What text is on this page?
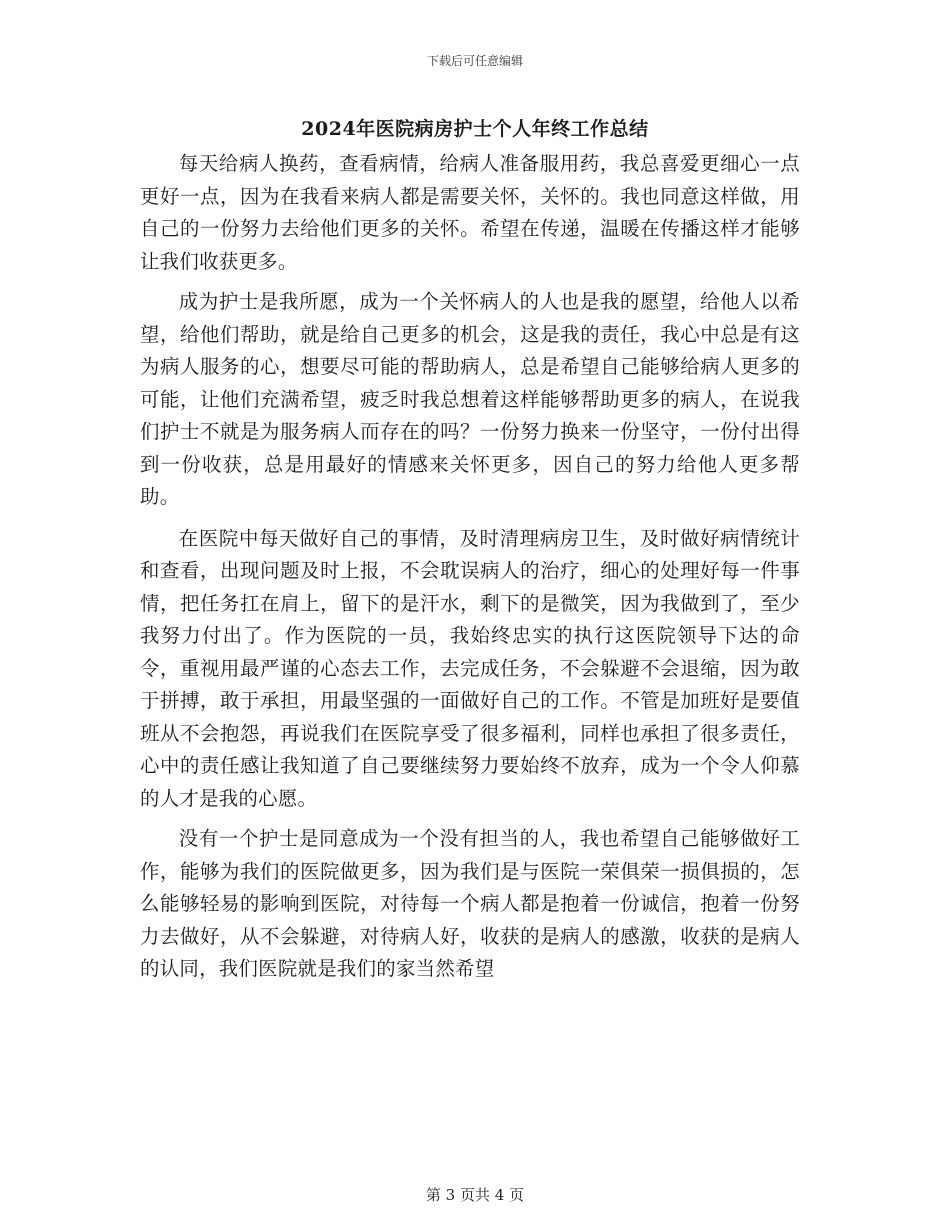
下载后可任意编辑
2024年医院病房护士个人年终工作总结

每天给病人换药，查看病情，给病人准备服用药，我总喜爱更细心一点更好一点，因为在我看来病人都是需要关怀，关怀的。我也同意这样做，用自己的一份努力去给他们更多的关怀。希望在传递，温暖在传播这样才能够让我们收获更多。

成为护士是我所愿，成为一个关怀病人的人也是我的愿望，给他人以希望，给他们帮助，就是给自己更多的机会，这是我的责任，我心中总是有这为病人服务的心，想要尽可能的帮助病人，总是希望自己能够给病人更多的可能，让他们充满希望，疲乏时我总想着这样能够帮助更多的病人，在说我们护士不就是为服务病人而存在的吗？一份努力换来一份坚守，一份付出得到一份收获，总是用最好的情感来关怀更多，因自己的努力给他人更多帮助。

在医院中每天做好自己的事情，及时清理病房卫生，及时做好病情统计和查看，出现问题及时上报，不会耽误病人的治疗，细心的处理好每一件事情，把任务扛在肩上，留下的是汗水，剩下的是微笑，因为我做到了，至少我努力付出了。作为医院的一员，我始终忠实的执行这医院领导下达的命令，重视用最严谨的心态去工作，去完成任务，不会躲避不会退缩，因为敢于拼搏，敢于承担，用最坚强的一面做好自己的工作。不管是加班好是要值班从不会抱怨，再说我们在医院享受了很多福利，同样也承担了很多责任，心中的责任感让我知道了自己要继续努力要始终不放弃，成为一个令人仰慕的人才是我的心愿。

没有一个护士是同意成为一个没有担当的人，我也希望自己能够做好工作，能够为我们的医院做更多，因为我们是与医院一荣俱荣一损俱损的，怎么能够轻易的影响到医院，对待每一个病人都是抱着一份诚信，抱着一份努力去做好，从不会躲避，对待病人好，收获的是病人的感激，收获的是病人的认同，我们医院就是我们的家当然希望

第 3 页共 4 页
